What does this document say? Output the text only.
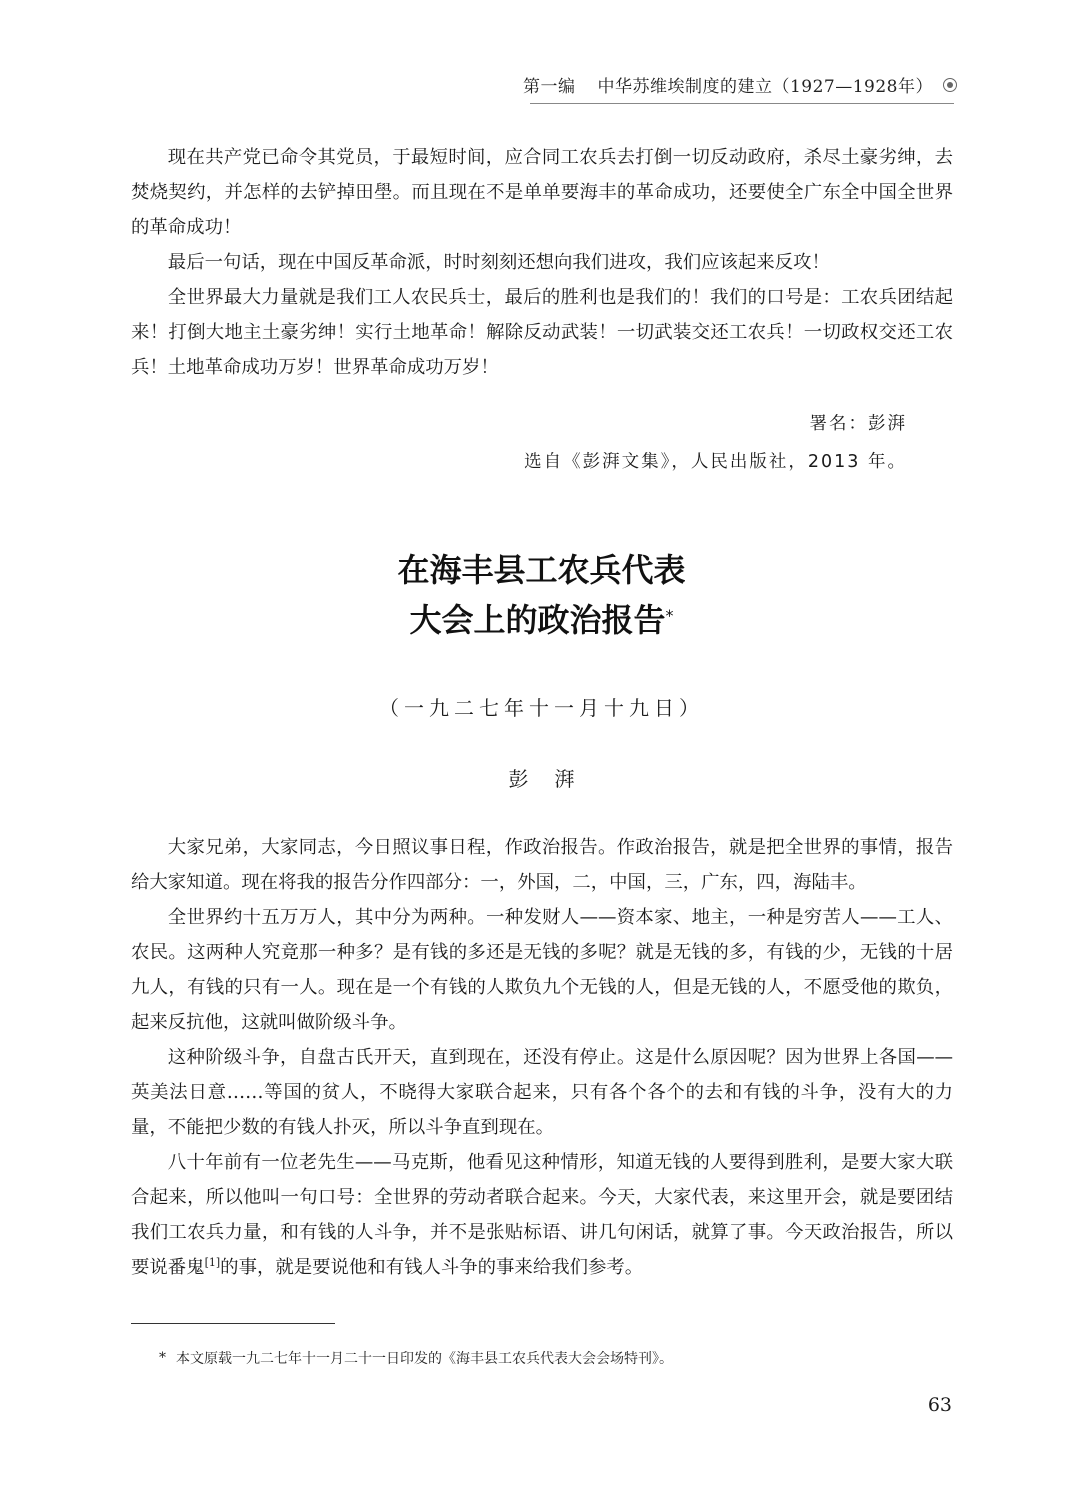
第一编 中华苏维埃制度的建立（1927—1928年）

现在共产党已命令其党员，于最短时间，应合同工农兵去打倒一切反动政府，杀尽土豪劣绅，去焚烧契约，并怎样的去铲掉田壆。而且现在不是单单要海丰的革命成功，还要使全广东全中国全世界的革命成功！

最后一句话，现在中国反革命派，时时刻刻还想向我们进攻，我们应该起来反攻！

全世界最大力量就是我们工人农民兵士，最后的胜利也是我们的！我们的口号是：工农兵团结起来！打倒大地主土豪劣绅！实行土地革命！解除反动武装！一切武装交还工农兵！一切政权交还工农兵！土地革命成功万岁！世界革命成功万岁！

署名：彭湃
选自《彭湃文集》，人民出版社，2013 年。
在海丰县工农兵代表
大会上的政治报告*
（一九二七年十一月十九日）
彭湃

大家兄弟，大家同志，今日照议事日程，作政治报告。作政治报告，就是把全世界的事情，报告给大家知道。现在将我的报告分作四部分：一，外国，二，中国，三，广东，四，海陆丰。

全世界约十五万万人，其中分为两种。一种发财人——资本家、地主，一种是穷苦人——工人、农民。这两种人究竟那一种多？是有钱的多还是无钱的多呢？就是无钱的多，有钱的少，无钱的十居九人，有钱的只有一人。现在是一个有钱的人欺负九个无钱的人，但是无钱的人，不愿受他的欺负，起来反抗他，这就叫做阶级斗争。

这种阶级斗争，自盘古氏开天，直到现在，还没有停止。这是什么原因呢？因为世界上各国——英美法日意……等国的贫人，不晓得大家联合起来，只有各个各个的去和有钱的斗争，没有大的力量，不能把少数的有钱人扑灭，所以斗争直到现在。

八十年前有一位老先生——马克斯，他看见这种情形，知道无钱的人要得到胜利，是要大家大联合起来，所以他叫一句口号：全世界的劳动者联合起来。今天，大家代表，来这里开会，就是要团结我们工农兵力量，和有钱的人斗争，并不是张贴标语、讲几句闲话，就算了事。今天政治报告，所以要说番鬼[1]的事，就是要说他和有钱人斗争的事来给我们参考。

* 本文原载一九二七年十一月二十一日印发的《海丰县工农兵代表大会会场特刊》。
63
